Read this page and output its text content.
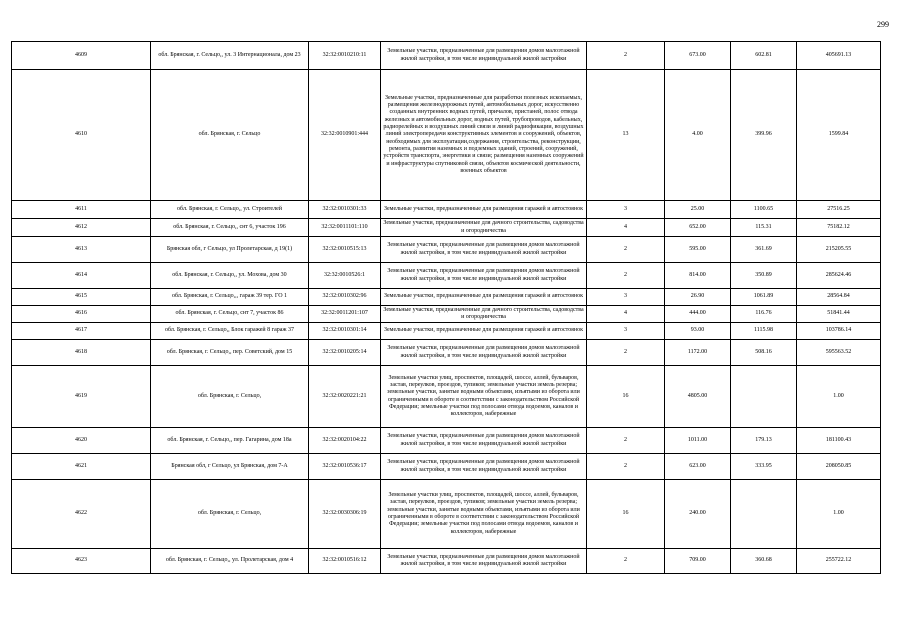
299
4609	обл. Брянская, г. Сельцо,, ул. 3 Интернационала, дом 23	32:32:0010210:11	Земельные участки, предназначенные для размещения домов малоэтажной жилой застройки, в том числе индивидуальной жилой застройки	2	673.00	602.81	405691.13
4610	обл. Брянская, г. Сельцо	32:32:0010901:444	Земельные участки, предназначенные для разработки полезных ископаемых, размещения железнодорожных путей, автомобильных дорог, искусственно созданных внутренних водных путей, причалов, пристаней, полос отвода железных и автомобильных дорог, водных путей, трубопроводов, кабельных, радиорелейных и воздушных линий связи и линий радиофикации, воздушных линий электропередачи конструктивных элементов и сооружений, объектов, необходимых для эксплуатации,содержания, строительства, реконструкции, ремонта, развития наземных и подземных зданий, строений, сооружений, устройств транспорта, энергетики и связи; размещения наземных сооружений и инфраструктуры спутниковой связи, объектов космической деятельности, военных объектов	13	4.00	399.96	1599.84
4611	обл. Брянская, г. Сельцо,, ул. Строителей	32:32:0010301:33	Земельные участки, предназначенные для размещения гаражей и автостоянок	3	25.00	1100.65	27516.25
4612	обл. Брянская, г. Сельцо,, снт 6, участок 196	32:32:0011101:110	Земельные участки, предназначенные для дачного строительства, садоводства и огородничества	4	652.00	115.31	75182.12
4613	Брянская обл, г Сельцо, ул Пролетарская, д 19(1)	32:32:0010515:13	Земельные участки, предназначенные для размещения домов малоэтажной жилой застройки, в том числе индивидуальной жилой застройки	2	595.00	361.69	215205.55
4614	обл. Брянская, г. Сельцо,, ул. Мохова, дом 30	32:32:0010526:1	Земельные участки, предназначенные для размещения домов малоэтажной жилой застройки, в том числе индивидуальной жилой застройки	2	814.00	350.89	285624.46
4615	обл. Брянская, г. Сельцо,,, гараж 39 тер. ГО 1	32:32:0010302:96	Земельные участки, предназначенные для размещения гаражей и автостоянок	3	26.90	1061.89	28564.84
4616	обл. Брянская, г. Сельцо, снт 7, участок 86	32:32:0011201:107	Земельные участки, предназначенные для дачного строительства, садоводства и огородничества	4	444.00	116.76	51841.44
4617	обл. Брянская, г. Сельцо,, Блок гаражей 8 гараж 37	32:32:0010301:14	Земельные участки, предназначенные для размещения гаражей и автостоянок	3	93.00	1115.98	103786.14
4618	обл. Брянская, г. Сельцо,, пер. Советский, дом 15	32:32:0010205:14	Земельные участки, предназначенные для размещения домов малоэтажной жилой застройки, в том числе индивидуальной жилой застройки	2	1172.00	508.16	595563.52
4619	обл. Брянская, г. Сельцо,	32:32:0020221:21	Земельные участки улиц, проспектов, площадей, шоссе, аллей, бульваров, застав, переулков, проездов, тупиков; земельные участки земель резерва; земельные участки, занятые водными объектами, изъятыми из оборота или ограниченными в обороте в соответствии с законодательством Российской Федерации; земельные участки под полосами отвода водоемов, каналов и коллекторов, набережные	16	4805.00		1.00
4620	обл. Брянская, г. Сельцо,, пер. Гагарина, дом 18а	32:32:0020104:22	Земельные участки, предназначенные для размещения домов малоэтажной жилой застройки, в том числе индивидуальной жилой застройки	2	1011.00	179.13	181100.43
4621	Брянская обл, г Сельцо, ул Брянская, дом 7-А	32:32:0010536:17	Земельные участки, предназначенные для размещения домов малоэтажной жилой застройки, в том числе индивидуальной жилой застройки	2	623.00	333.95	208050.85
4622	обл. Брянская, г. Сельцо,	32:32:0030306:19	Земельные участки улиц, проспектов, площадей, шоссе, аллей, бульваров, застав, переулков, проездов, тупиков; земельные участки земель резерва; земельные участки, занятые водными объектами, изъятыми из оборота или ограниченными в обороте в соответствии с законодательством Российской Федерации; земельные участки под полосами отвода водоемов, каналов и коллекторов, набережные	16	240.00		1.00
4623	обл. Брянская, г. Сельцо,, ул. Пролетарская, дом 4	32:32:0010516:12	Земельные участки, предназначенные для размещения домов малоэтажной жилой застройки, в том числе индивидуальной жилой застройки	2	709.00	360.68	255722.12
